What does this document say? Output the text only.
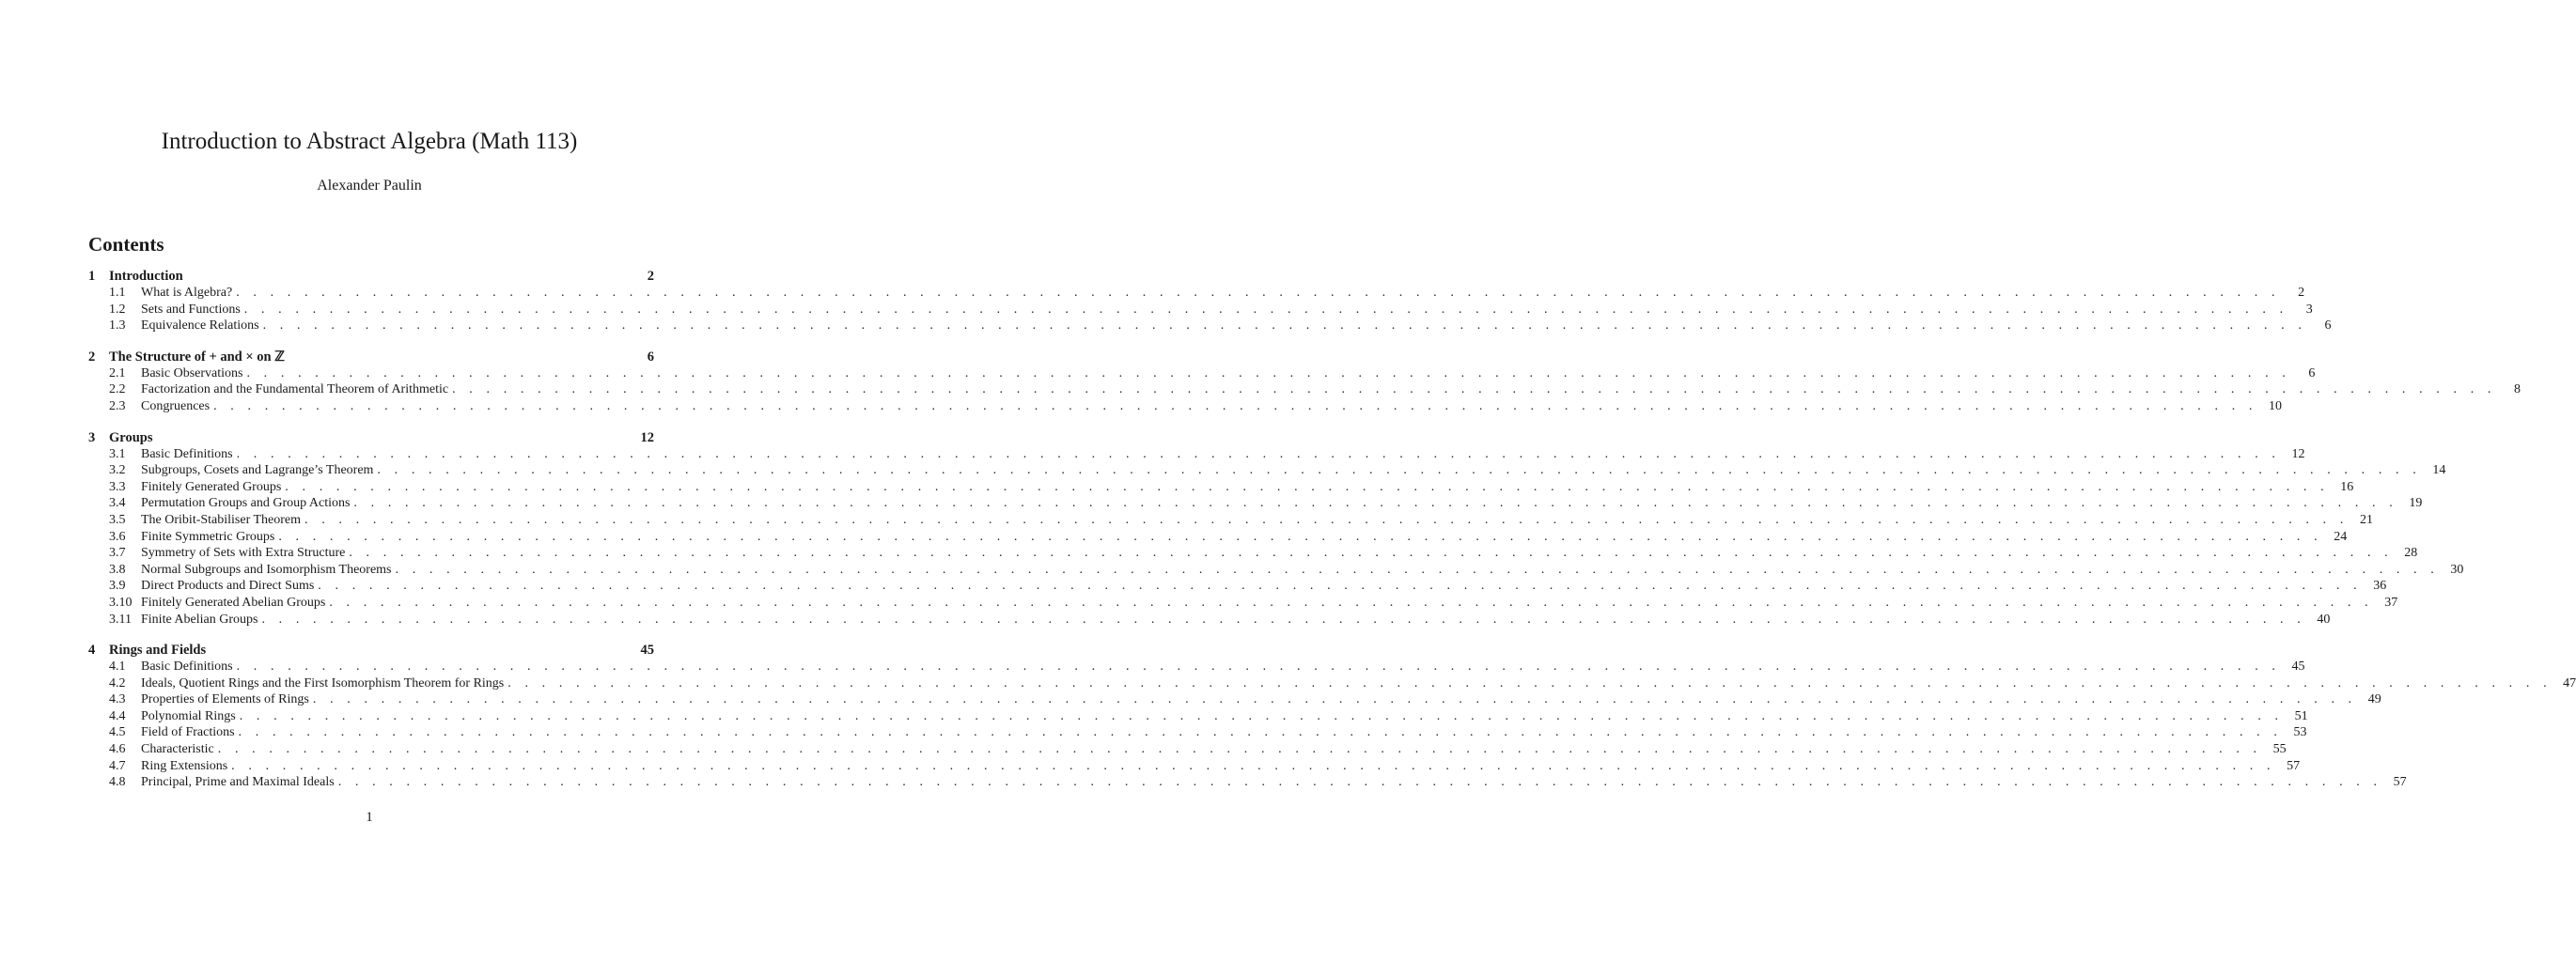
Introduction to Abstract Algebra (Math 113)
Alexander Paulin
Contents
1	Introduction	2
1.1	What is Algebra? . . . . . . . . . . . . . . . . . . . . . . . . . . . . . . . . . . . . . . . . . . . . . . . . . . . . . . . . . . . . . . . . . . . . . . . . . . . . . . . . . . . . . . . . . . . . . . . . . . . . . . . . . . . . . . . . . . . . . . . .	2
1.2	Sets and Functions . . . . . . . . . . . . . . . . . . . . . . . . . . . . . . . . . . . . . . . . . . . . . . . . . . . . . . . . . . . . . . . . . . . . . . . . . . . . . . . . . . . . . . . . . . . . . . . . . . . . . . . . . . . . . . . . . . . . . . . .	3
1.3	Equivalence Relations . . . . . . . . . . . . . . . . . . . . . . . . . . . . . . . . . . . . . . . . . . . . . . . . . . . . . . . . . . . . . . . . . . . . . . . . . . . . . . . . . . . . . . . . . . . . . . . . . . . . . . . . . . . . . . . . . . . . . . . .	6
2	The Structure of + and × on ℤ	6
2.1	Basic Observations . . . . . . . . . . . . . . . . . . . . . . . . . . . . . . . . . . . . . . . . . . . . . . . . . . . . . . . . . . . . . . . . . . . . . . . . . . . . . . . . . . . . . . . . . . . . . . . . . . . . . . . . . . . . . . . . . . . . . . . .	6
2.2	Factorization and the Fundamental Theorem of Arithmetic . . . . . . . . . . . . . . . . . . . . . . . . . . . . . . . . . . . . . . . . . . . . . . . . . . . . . . . . . . . . . . . . . . . . . . . . . . . . . . . . . . . . . . . . . . . . . . . . . . . . . . . . . . . . . . . . . . . . . . . .	8
2.3	Congruences . . . . . . . . . . . . . . . . . . . . . . . . . . . . . . . . . . . . . . . . . . . . . . . . . . . . . . . . . . . . . . . . . . . . . . . . . . . . . . . . . . . . . . . . . . . . . . . . . . . . . . . . . . . . . . . . . . . . . . . . 10
3	Groups	12
3.1	Basic Definitions . . . . . . . . . . . . . . . . . . . . . . . . . . . . . . . . . . . . . . . . . . . . . . . . . . . . . . . . . . . . . . . . . . . . . . . . . . . . . . . . . . . . . . . . . . . . . . . . . . . . . . . . . . . . . . . . . . . . . . . . 12
3.2	Subgroups, Cosets and Lagrange’s Theorem . . . . . . . . . . . . . . . . . . . . . . . . . . . . . . . . . . . . . . . . . . . . . . . . . . . . . . . . . . . . . . . . . . . . . . . . . . . . . . . . . . . . . . . . . . . . . . . . . . . . . . . . . . . . . . . . . . . . . . . . 14
3.3	Finitely Generated Groups . . . . . . . . . . . . . . . . . . . . . . . . . . . . . . . . . . . . . . . . . . . . . . . . . . . . . . . . . . . . . . . . . . . . . . . . . . . . . . . . . . . . . . . . . . . . . . . . . . . . . . . . . . . . . . . . . . . . . . . . 16
3.4	Permutation Groups and Group Actions . . . . . . . . . . . . . . . . . . . . . . . . . . . . . . . . . . . . . . . . . . . . . . . . . . . . . . . . . . . . . . . . . . . . . . . . . . . . . . . . . . . . . . . . . . . . . . . . . . . . . . . . . . . . . . . . . . . . . . . . 19
3.5	The Oribit-Stabiliser Theorem . . . . . . . . . . . . . . . . . . . . . . . . . . . . . . . . . . . . . . . . . . . . . . . . . . . . . . . . . . . . . . . . . . . . . . . . . . . . . . . . . . . . . . . . . . . . . . . . . . . . . . . . . . . . . . . . . . . . . . . . 21
3.6	Finite Symmetric Groups . . . . . . . . . . . . . . . . . . . . . . . . . . . . . . . . . . . . . . . . . . . . . . . . . . . . . . . . . . . . . . . . . . . . . . . . . . . . . . . . . . . . . . . . . . . . . . . . . . . . . . . . . . . . . . . . . . . . . . . . 24
3.7	Symmetry of Sets with Extra Structure . . . . . . . . . . . . . . . . . . . . . . . . . . . . . . . . . . . . . . . . . . . . . . . . . . . . . . . . . . . . . . . . . . . . . . . . . . . . . . . . . . . . . . . . . . . . . . . . . . . . . . . . . . . . . . . . . . . . . . . . 28
3.8	Normal Subgroups and Isomorphism Theorems . . . . . . . . . . . . . . . . . . . . . . . . . . . . . . . . . . . . . . . . . . . . . . . . . . . . . . . . . . . . . . . . . . . . . . . . . . . . . . . . . . . . . . . . . . . . . . . . . . . . . . . . . . . . . . . . . . . . . . . . 30
3.9	Direct Products and Direct Sums . . . . . . . . . . . . . . . . . . . . . . . . . . . . . . . . . . . . . . . . . . . . . . . . . . . . . . . . . . . . . . . . . . . . . . . . . . . . . . . . . . . . . . . . . . . . . . . . . . . . . . . . . . . . . . . . . . . . . . . . 36
3.10 Finitely Generated Abelian Groups . . . . . . . . . . . . . . . . . . . . . . . . . . . . . . . . . . . . . . . . . . . . . . . . . . . . . . . . . . . . . . . . . . . . . . . . . . . . . . . . . . . . . . . . . . . . . . . . . . . . . . . . . . . . . . . . . . . . . . . . 37
3.11 Finite Abelian Groups . . . . . . . . . . . . . . . . . . . . . . . . . . . . . . . . . . . . . . . . . . . . . . . . . . . . . . . . . . . . . . . . . . . . . . . . . . . . . . . . . . . . . . . . . . . . . . . . . . . . . . . . . . . . . . . . . . . . . . . . 40
4	Rings and Fields	45
4.1	Basic Definitions . . . . . . . . . . . . . . . . . . . . . . . . . . . . . . . . . . . . . . . . . . . . . . . . . . . . . . . . . . . . . . . . . . . . . . . . . . . . . . . . . . . . . . . . . . . . . . . . . . . . . . . . . . . . . . . . . . . . . . . . 45
4.2	Ideals, Quotient Rings and the First Isomorphism Theorem for Rings . . . . . . . . . . . . . . . . . . . . . . . . . . . . . . . . . . . . . . . . . . . . . . . . . . . . . . . . . . . . . . . . . . . . . . . . . . . . . . . . . . . . . . . . . . . . . . . . . . . . . . . . . . . . . . . . . . . . . . . . 47
4.3	Properties of Elements of Rings . . . . . . . . . . . . . . . . . . . . . . . . . . . . . . . . . . . . . . . . . . . . . . . . . . . . . . . . . . . . . . . . . . . . . . . . . . . . . . . . . . . . . . . . . . . . . . . . . . . . . . . . . . . . . . . . . . . . . . . . 49
4.4	Polynomial Rings . . . . . . . . . . . . . . . . . . . . . . . . . . . . . . . . . . . . . . . . . . . . . . . . . . . . . . . . . . . . . . . . . . . . . . . . . . . . . . . . . . . . . . . . . . . . . . . . . . . . . . . . . . . . . . . . . . . . . . . . 51
4.5	Field of Fractions . . . . . . . . . . . . . . . . . . . . . . . . . . . . . . . . . . . . . . . . . . . . . . . . . . . . . . . . . . . . . . . . . . . . . . . . . . . . . . . . . . . . . . . . . . . . . . . . . . . . . . . . . . . . . . . . . . . . . . . . 53
4.6	Characteristic . . . . . . . . . . . . . . . . . . . . . . . . . . . . . . . . . . . . . . . . . . . . . . . . . . . . . . . . . . . . . . . . . . . . . . . . . . . . . . . . . . . . . . . . . . . . . . . . . . . . . . . . . . . . . . . . . . . . . . . . 55
4.7	Ring Extensions . . . . . . . . . . . . . . . . . . . . . . . . . . . . . . . . . . . . . . . . . . . . . . . . . . . . . . . . . . . . . . . . . . . . . . . . . . . . . . . . . . . . . . . . . . . . . . . . . . . . . . . . . . . . . . . . . . . . . . . . 57
4.8	Principal, Prime and Maximal Ideals . . . . . . . . . . . . . . . . . . . . . . . . . . . . . . . . . . . . . . . . . . . . . . . . . . . . . . . . . . . . . . . . . . . . . . . . . . . . . . . . . . . . . . . . . . . . . . . . . . . . . . . . . . . . . . . . . . . . . . . . 57
1
